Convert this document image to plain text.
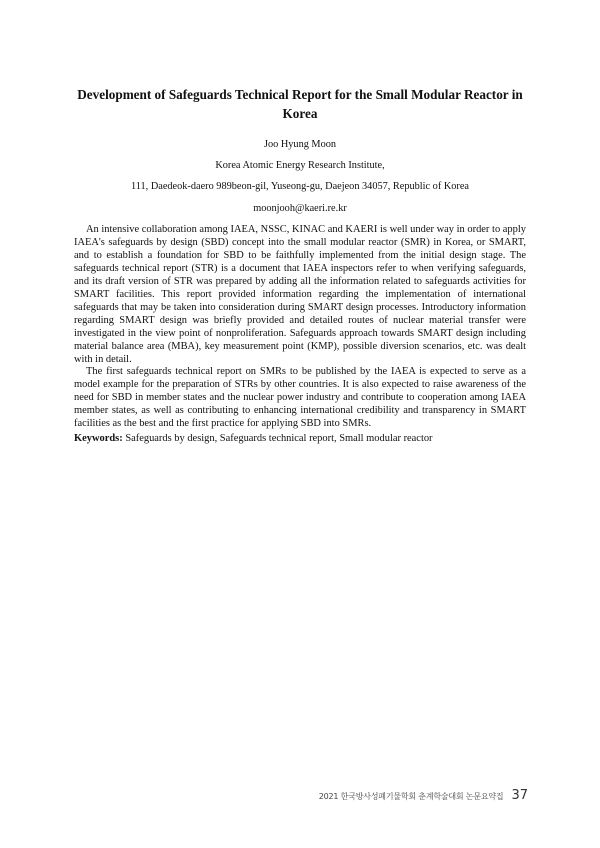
Development of Safeguards Technical Report for the Small Modular Reactor in Korea
Joo Hyung Moon
Korea Atomic Energy Research Institute,
111, Daedeok-daero 989beon-gil, Yuseong-gu, Daejeon 34057, Republic of Korea
moonjooh@kaeri.re.kr

An intensive collaboration among IAEA, NSSC, KINAC and KAERI is well under way in order to apply IAEA's safeguards by design (SBD) concept into the small modular reactor (SMR) in Korea, or SMART, and to establish a foundation for SBD to be faithfully implemented from the initial design stage. The safeguards technical report (STR) is a document that IAEA inspectors refer to when verifying safeguards, and its draft version of STR was prepared by adding all the information related to safeguards activities for SMART facilities. This report provided information regarding the implementation of international safeguards that may be taken into consideration during SMART design processes. Introductory information regarding SMART design was briefly provided and detailed routes of nuclear material transfer were investigated in the view point of nonproliferation. Safeguards approach towards SMART design including material balance area (MBA), key measurement point (KMP), possible diversion scenarios, etc. was dealt with in detail.

The first safeguards technical report on SMRs to be published by the IAEA is expected to serve as a model example for the preparation of STRs by other countries. It is also expected to raise awareness of the need for SBD in member states and the nuclear power industry and contribute to cooperation among IAEA member states, as well as contributing to enhancing international credibility and transparency in SMART facilities as the best and the first practice for applying SBD into SMRs.

Keywords: Safeguards by design, Safeguards technical report, Small modular reactor
2021 한국방사성폐기물학회 춘계학술대회 논문요약집 37
